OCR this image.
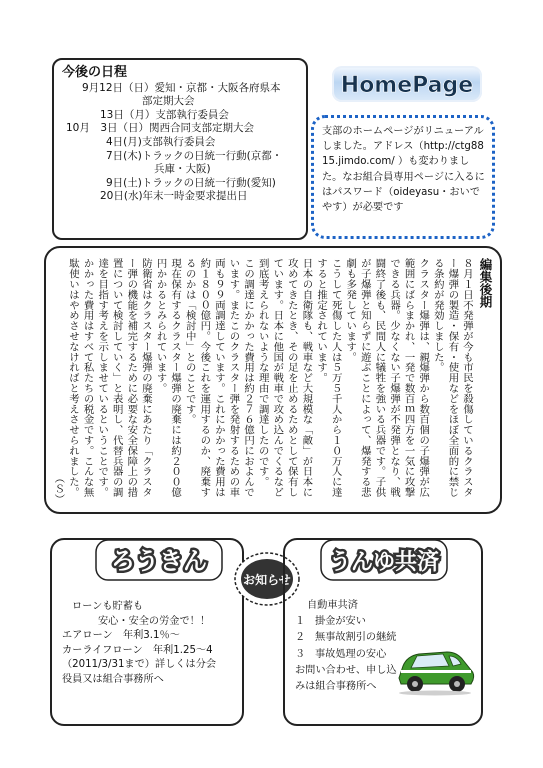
今後の日程
9月12日（日）愛知・京都・大阪各府県本
部定期大会
13日（月）支部執行委員会
10月　3日（日）関西合同支部定期大会
4日(月)支部執行委員会
7日(木)トラックの日統一行動(京都・
兵庫・大阪)
9日(土)トラックの日統一行動(愛知)
20日(水)年末一時金要求提出日
HomePage
支部のホームページがリニューアルしました。アドレス（http://ctg8815.jimdo.com/ ）も変わりました。なお組合員専用ページに入るにはパスワード（oideyasu・おいでやす）が必要です
編集後期

８月１日不発弾が今も市民を殺傷しているクラスター爆弾の製造・保有・使用などをほぼ全面的に禁じる条約が発効しました。

クラスター爆弾は、親爆弾から数百個の子爆弾が広範囲にばらまかれ、一発で数百ｍ四方を一気に攻撃できる兵器。少なくない子爆弾が不発弾となり、戦闘終了後も、民間人に犠牲を強いる兵器です。子供が子爆弾と知らずに遊ぶことによって、爆発する悲劇も多発しています。

こうして死傷した人は５万５千人から１０万人に達すると推定されています。

日本の自衛隊も、戦車など大規模な「敵」が日本に攻めてきたとき、その足を止めるためとして保有しています。日本に他国が戦車で攻め込んでくるなど到底考えられないような理由で調達したのです。

この調達にかかった費用は約２７６億円におよんでいます。またこのクラスター弾を発射するための車両も９９両調達しています。これにかかった費用は約１８００億円。今後これを運用するのか、廃棄するのかは「検討中」とのことです。

現在保有するクラスター爆弾の廃棄には約２００億円かかるとみられています。

防衛省はクラスター爆弾の廃棄にあたり「クラスター弾の機能を補完するために必要な安全保障上の措置について検討していく」と表明し、代替兵器の調達を目指す考えを示しませているということです。

かかった費用はすべて私たちの税金です。こんな無駄使いはやめさせなければと考えさせられました。

（Ｓ）

ろうきん
ローンも貯蓄も
安心・安全の労金で！！
エアローン　年利3.1％～
カーライフローン　年利1.25～4
（2011/3/31まで）詳しくは分会
役員又は組合事務所へ
お知らせ
うんゆ共済
自動車共済
１ 掛金が安い
２ 無事故割引の継続
３ 事故処理の安心
お問い合わせ、申し込
みは組合事務所へ
